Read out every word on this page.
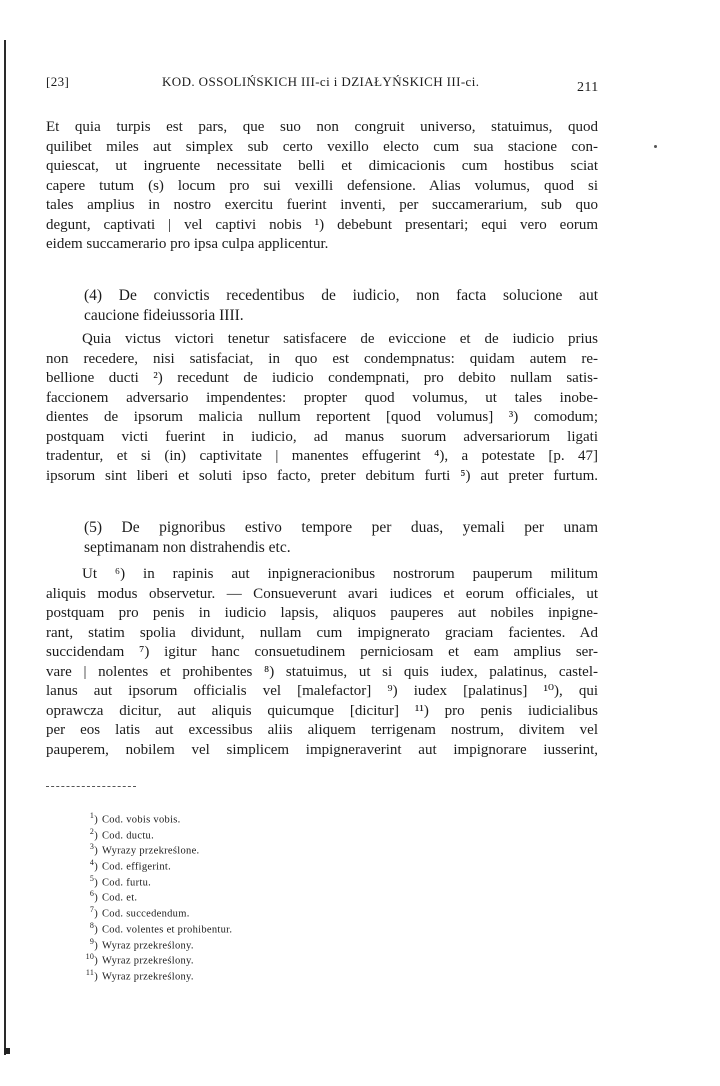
[23]	KOD. OSSOLIŃSKICH III-ci i DZIAŁYŃSKICH III-ci.	211
Et quia turpis est pars, que suo non congruit universo, statuimus, quod
quilibet miles aut simplex sub certo vexillo electo cum sua stacione con-
quiescat, ut ingruente necessitate belli et dimicacionis cum hostibus sciat
capere tutum (s) locum pro sui vexilli defensione. Alias volumus, quod si
tales amplius in nostro exercitu fuerint inventi, per succamerarium, sub quo
degunt, captivati | vel captivi nobis ¹) debebunt presentari; equi vero eorum
eidem succamerario pro ipsa culpa applicentur.
(4) De convictis recedentibus de iudicio, non facta solucione aut
caucione fideiussoria IIII.
Quia victus victori tenetur satisfacere de eviccione et de iudicio prius
non recedere, nisi satisfaciat, in quo est condempnatus: quidam autem re-
bellione ducti ²) recedunt de iudicio condempnati, pro debito nullam satis-
faccionem adversario impendentes: propter quod volumus, ut tales inobe-
dientes de ipsorum malicia nullum reportent [quod volumus] ³) comodum;
postquam victi fuerint in iudicio, ad manus suorum adversariorum ligati
tradentur, et si (in) captivitate | manentes effugerint ⁴), a potestate [p. 47]
ipsorum sint liberi et soluti ipso facto, preter debitum furti ⁵) aut preter furtum.
(5) De pignoribus estivo tempore per duas, yemali per unam
septimanam non distrahendis etc.
Ut ⁶) in rapinis aut inpigneracionibus nostrorum pauperum militum
aliquis modus observetur. — Consueverunt avari iudices et eorum officiales, ut
postquam pro penis in iudicio lapsis, aliquos pauperes aut nobiles inpigne-
rant, statim spolia dividunt, nullam cum impignerato graciam facientes. Ad
succidendam ⁷) igitur hanc consuetudinem perniciosam et eam amplius ser-
vare | nolentes et prohibentes ⁸) statuimus, ut si quis iudex, palatinus, castel-
lanus aut ipsorum officialis vel [malefactor] ⁹) iudex [palatinus] ¹⁰), qui
oprawcza dicitur, aut aliquis quicumque [dicitur] ¹¹) pro penis iudicialibus
per eos latis aut excessibus aliis aliquem terrigenam nostrum, divitem vel
pauperem, nobilem vel simplicem impigneraverint aut impignorare iusserint,
$^1$) Cod. vobis vobis.
$^2$) Cod. ductu.
$^3$) Wyrazy przekreślone.
$^4$) Cod. effigerint.
$^5$) Cod. furtu.
$^6$) Cod. et.
$^7$) Cod. succedendum.
$^8$) Cod. volentes et prohibentur.
$^9$) Wyraz przekreślony.
$^{10}$) Wyraz przekreślony.
$^{11}$) Wyraz przekreślony.
